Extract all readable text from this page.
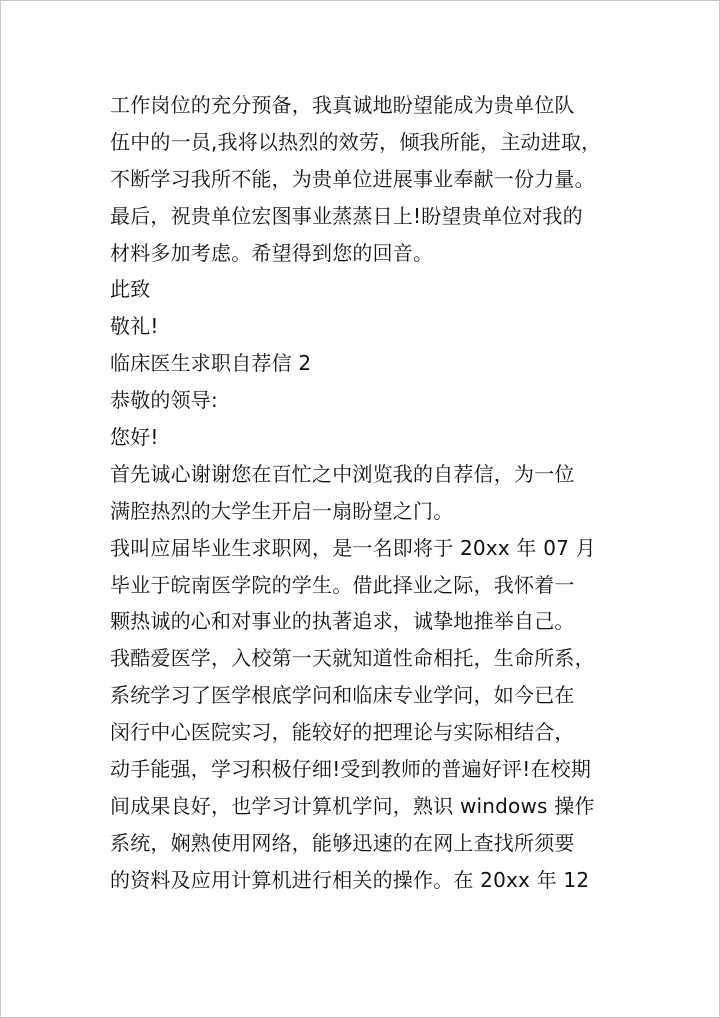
工作岗位的充分预备，我真诚地盼望能成为贵单位队
伍中的一员,我将以热烈的效劳，倾我所能，主动进取，
不断学习我所不能，为贵单位进展事业奉献一份力量。
最后，祝贵单位宏图事业蒸蒸日上!盼望贵单位对我的
材料多加考虑。希望得到您的回音。
此致
敬礼!
临床医生求职自荐信 2
恭敬的领导:
您好!
首先诚心谢谢您在百忙之中浏览我的自荐信，为一位
满腔热烈的大学生开启一扇盼望之门。
我叫应届毕业生求职网，是一名即将于 20xx 年 07 月
毕业于皖南医学院的学生。借此择业之际，我怀着一
颗热诚的心和对事业的执著追求，诚挚地推举自己。
我酷爱医学，入校第一天就知道性命相托，生命所系，
系统学习了医学根底学问和临床专业学问，如今已在
闵行中心医院实习，能较好的把理论与实际相结合，
动手能强，学习积极仔细!受到教师的普遍好评!在校期
间成果良好，也学习计算机学问，熟识 windows 操作
系统，娴熟使用网络，能够迅速的在网上查找所须要
的资料及应用计算机进行相关的操作。在 20xx 年 12
